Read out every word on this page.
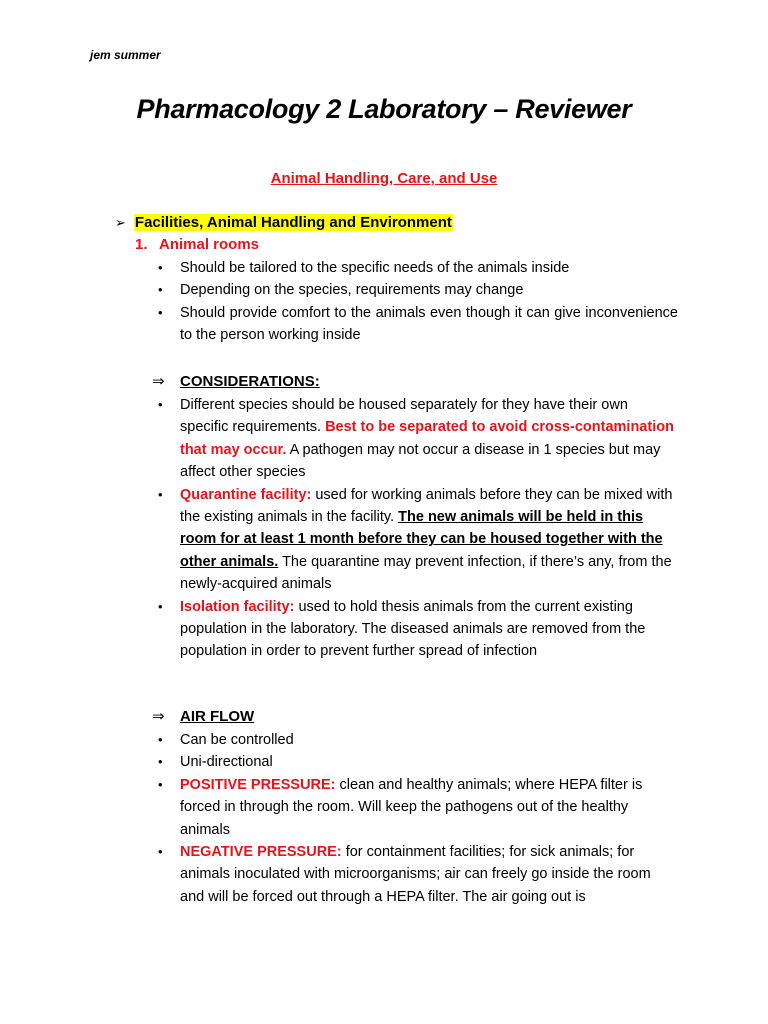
jem summer
Pharmacology 2 Laboratory – Reviewer
Animal Handling, Care, and Use
➢ Facilities, Animal Handling and Environment
1. Animal rooms
• Should be tailored to the specific needs of the animals inside
• Depending on the species, requirements may change
• Should provide comfort to the animals even though it can give inconvenience to the person working inside
⇒ CONSIDERATIONS:
• Different species should be housed separately for they have their own specific requirements. Best to be separated to avoid cross-contamination that may occur. A pathogen may not occur a disease in 1 species but may affect other species
• Quarantine facility: used for working animals before they can be mixed with the existing animals in the facility. The new animals will be held in this room for at least 1 month before they can be housed together with the other animals. The quarantine may prevent infection, if there’s any, from the newly-acquired animals
• Isolation facility: used to hold thesis animals from the current existing population in the laboratory. The diseased animals are removed from the population in order to prevent further spread of infection
⇒ AIR FLOW
• Can be controlled
• Uni-directional
• POSITIVE PRESSURE: clean and healthy animals; where HEPA filter is forced in through the room. Will keep the pathogens out of the healthy animals
• NEGATIVE PRESSURE: for containment facilities; for sick animals; for animals inoculated with microorganisms; air can freely go inside the room and will be forced out through a HEPA filter. The air going out is
